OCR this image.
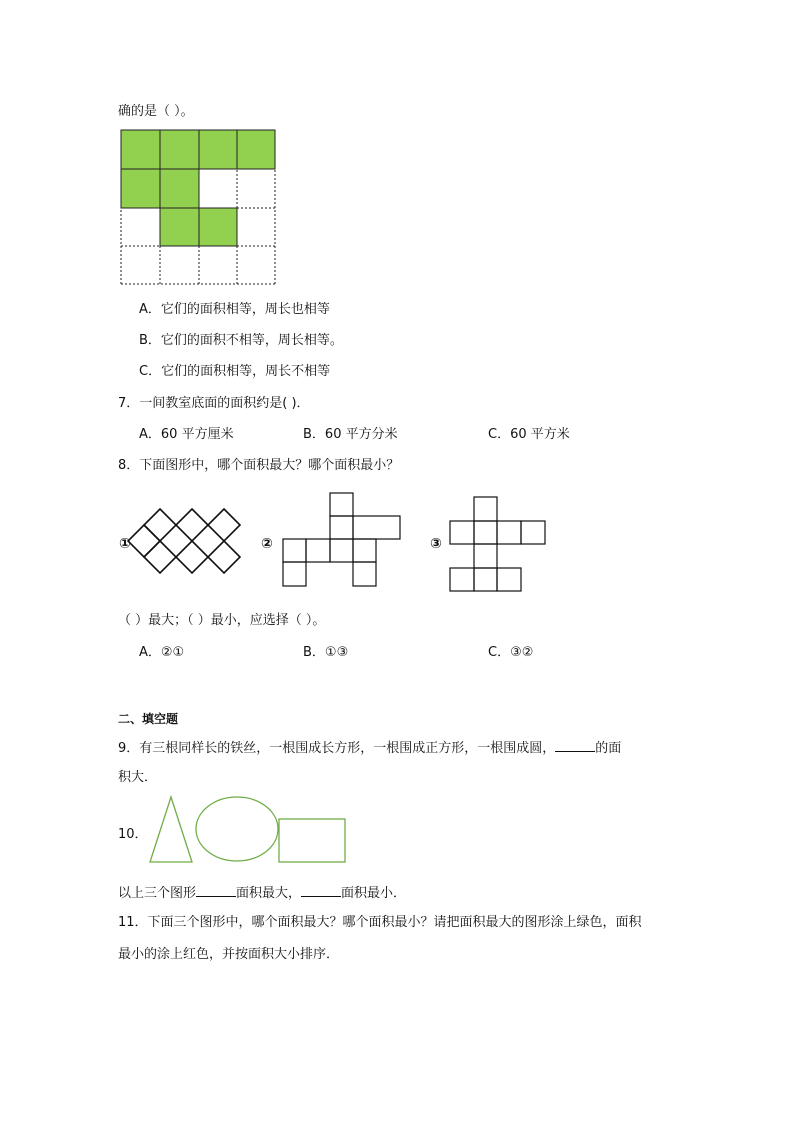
确的是（ ）。
A．它们的面积相等，周长也相等
B．它们的面积不相等，周长相等。
C．它们的面积相等，周长不相等
7．一间教室底面的面积约是( )．
A．60 平方厘米	B．60 平方分米	C．60 平方米
8．下面图形中，哪个面积最大？哪个面积最小？
①	②	③
（ ）最大；（ ）最小，应选择（ ）。
A．②①	B．①③	C．③②
二、填空题
9．有三根同样长的铁丝，一根围成长方形，一根围成正方形，一根围成圆，	的面
积大．
10．
以上三个图形	面积最大，	面积最小．
11．下面三个图形中，哪个面积最大？哪个面积最小？请把面积最大的图形涂上绿色，面积
最小的涂上红色，并按面积大小排序．
